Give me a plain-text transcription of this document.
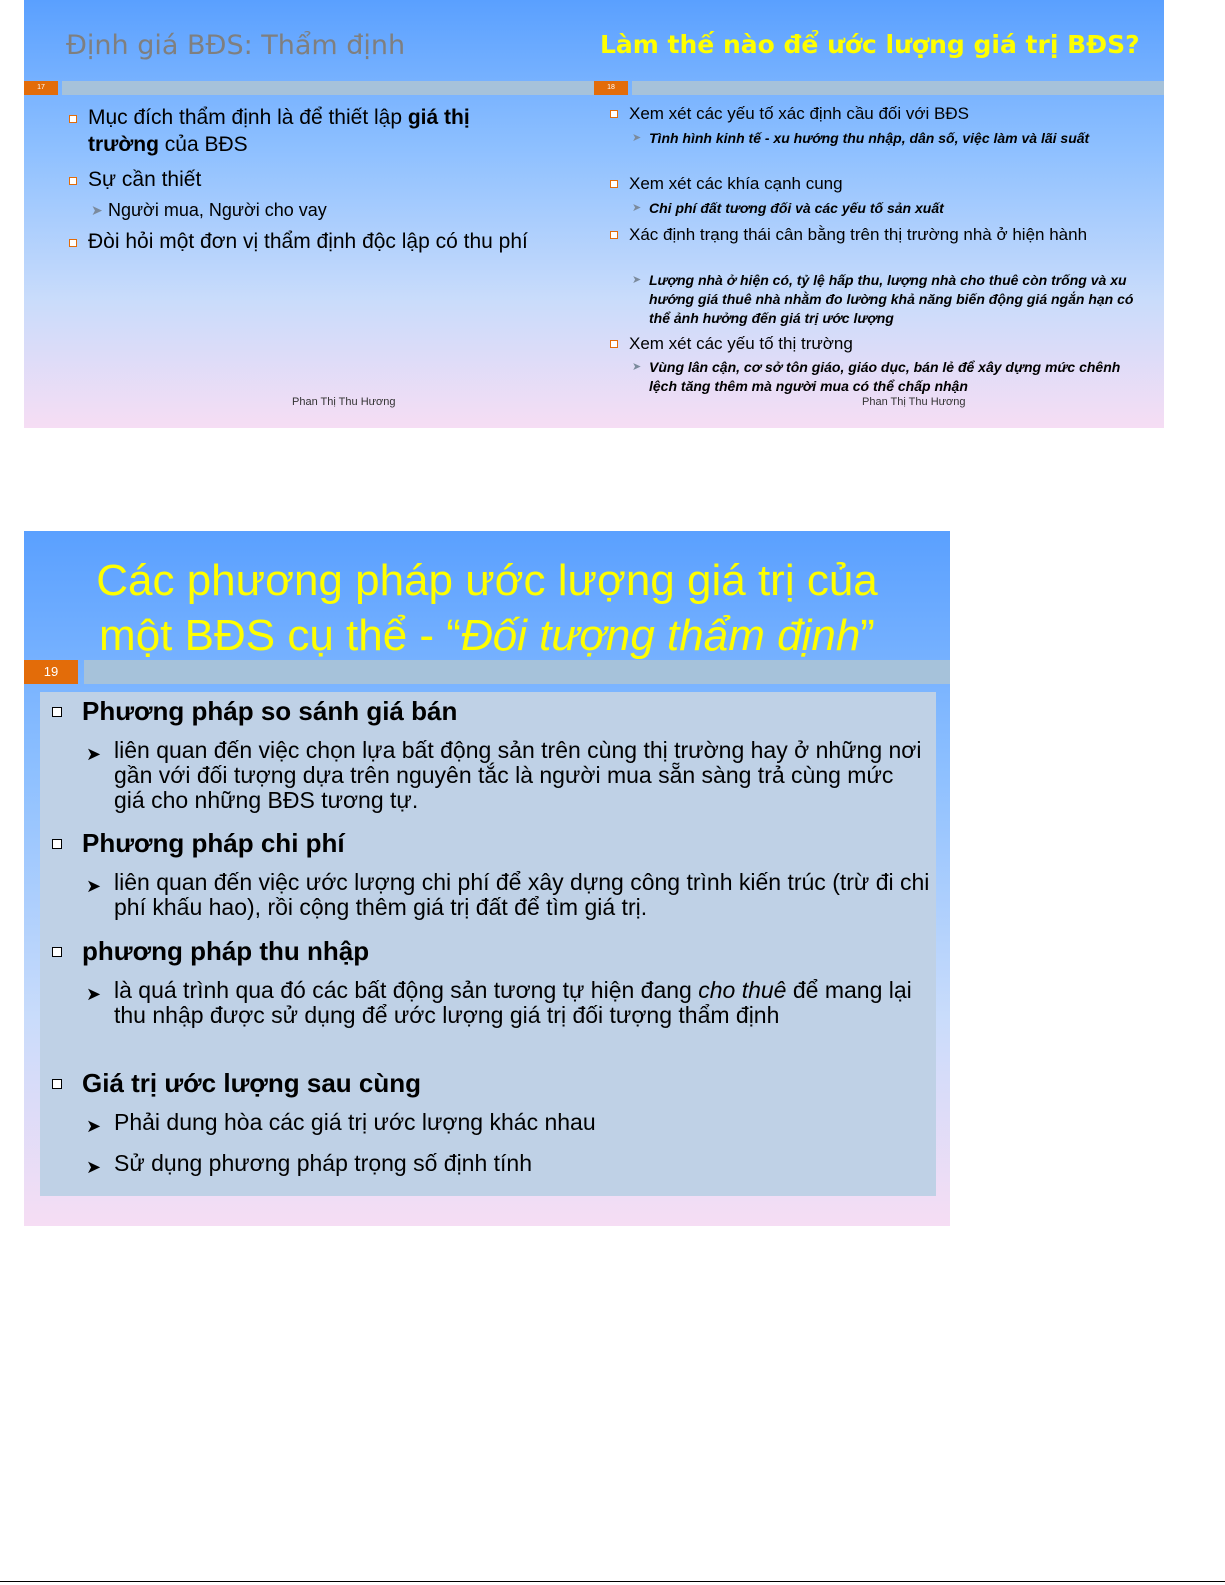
Định giá BĐS: Thẩm định
17
Mục đích thẩm định là để thiết lập giá thị trường của BĐS
Sự cần thiết
➤ Người mua, Người cho vay
Đòi hỏi một đơn vị thẩm định độc lập có thu phí
Phan Thị Thu Hương
Làm thế nào để ước lượng giá trị BĐS?
18
Xem xét các yếu tố xác định cầu đối với BĐS
➤ Tình hình kinh tế - xu hướng thu nhập, dân số, việc làm và lãi suất
Xem xét các khía cạnh cung
➤ Chi phí đất tương đối và các yếu tố sản xuất
Xác định trạng thái cân bằng trên thị trường nhà ở hiện hành
➤ Lượng nhà ở hiện có, tỷ lệ hấp thu, lượng nhà cho thuê còn trống và xu hướng giá thuê nhà nhằm đo lường khả năng biến động giá ngắn hạn có thể ảnh hưởng đến giá trị ước lượng
Xem xét các yếu tố thị trường
➤ Vùng lân cận, cơ sở tôn giáo, giáo dục, bán lẻ để xây dựng mức chênh lệch tăng thêm mà người mua có thể chấp nhận
Phan Thị Thu Hương
Các phương pháp ước lượng giá trị của
một BĐS cụ thể - “Đối tượng thẩm định”
19
Phương pháp so sánh giá bán
➤ liên quan đến việc chọn lựa bất động sản trên cùng thị trường hay ở những nơi gần với đối tượng dựa trên nguyên tắc là người mua sẵn sàng trả cùng mức giá cho những BĐS tương tự.
Phương pháp chi phí
➤ liên quan đến việc ước lượng chi phí để xây dựng công trình kiến trúc (trừ đi chi phí khấu hao), rồi cộng thêm giá trị đất để tìm giá trị.
phương pháp thu nhập
➤ là quá trình qua đó các bất động sản tương tự hiện đang cho thuê để mang lại thu nhập được sử dụng để ước lượng giá trị đối tượng thẩm định
Giá trị ước lượng sau cùng
➤ Phải dung hòa các giá trị ước lượng khác nhau
➤ Sử dụng phương pháp trọng số định tính
